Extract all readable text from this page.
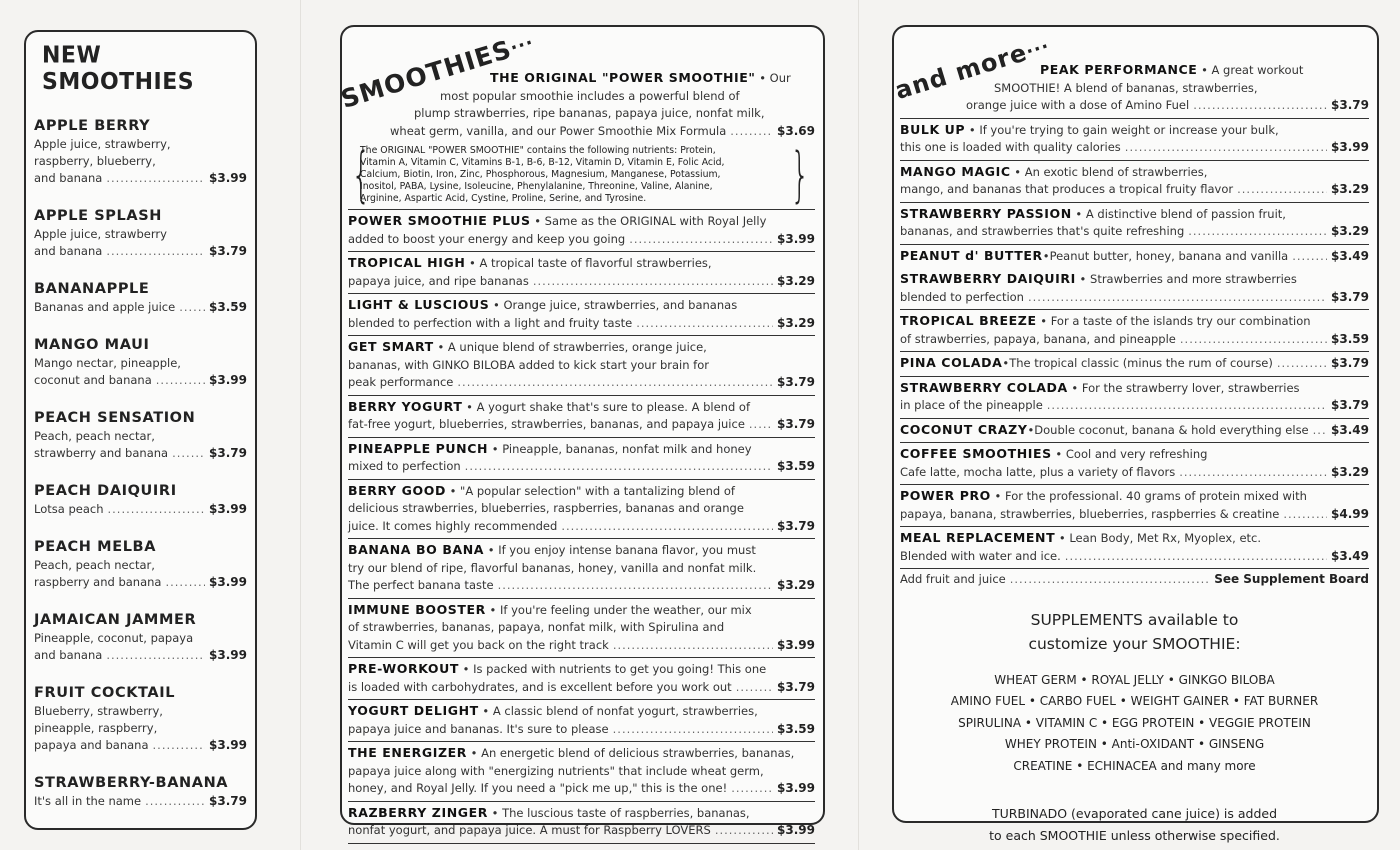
NEW SMOOTHIES
APPLE BERRY
Apple juice, strawberry,
raspberry, blueberry,
and banana .....	$3.99
APPLE SPLASH
Apple juice, strawberry
and banana .....	$3.79
BANANAPPLE
Bananas and apple juice .....	$3.59
MANGO MAUI
Mango nectar, pineapple,
coconut and banana .....	$3.99
PEACH SENSATION
Peach, peach nectar,
strawberry and banana .....	$3.79
PEACH DAIQUIRI
Lotsa peach .....	$3.99
PEACH MELBA
Peach, peach nectar,
raspberry and banana .....	$3.99
JAMAICAN JAMMER
Pineapple, coconut, papaya
and banana .....	$3.99
FRUIT COCKTAIL
Blueberry, strawberry,
pineapple, raspberry,
papaya and banana .....	$3.99
STRAWBERRY-BANANA
It's all in the name .....	$3.79
SMOOTHIES...
THE ORIGINAL "POWER SMOOTHIE" • Our
most popular smoothie includes a powerful blend of
plump strawberries, ripe bananas, papaya juice, nonfat milk,
wheat germ, vanilla, and our Power Smoothie Mix Formula .....	$3.69
{	}
The ORIGINAL "POWER SMOOTHIE" contains the following nutrients: Protein,
Vitamin A, Vitamin C, Vitamins B-1, B-6, B-12, Vitamin D, Vitamin E, Folic Acid,
Calcium, Biotin, Iron, Zinc, Phosphorous, Magnesium, Manganese, Potassium,
Inositol, PABA, Lysine, Isoleucine, Phenylalanine, Threonine, Valine, Alanine,
Arginine, Aspartic Acid, Cystine, Proline, Serine, and Tyrosine.
POWER SMOOTHIE PLUS • Same as the ORIGINAL with Royal Jelly
added to boost your energy and keep you going .....	$3.99
TROPICAL HIGH • A tropical taste of flavorful strawberries,
papaya juice, and ripe bananas .....	$3.29
LIGHT & LUSCIOUS • Orange juice, strawberries, and bananas
blended to perfection with a light and fruity taste .....	$3.29
GET SMART • A unique blend of strawberries, orange juice,
bananas, with GINKO BILOBA added to kick start your brain for
peak performance .....	$3.79
BERRY YOGURT • A yogurt shake that's sure to please. A blend of
fat-free yogurt, blueberries, strawberries, bananas, and papaya juice .....	$3.79
PINEAPPLE PUNCH • Pineapple, bananas, nonfat milk and honey
mixed to perfection .....	$3.59
BERRY GOOD • "A popular selection" with a tantalizing blend of
delicious strawberries, blueberries, raspberries, bananas and orange
juice. It comes highly recommended .....	$3.79
BANANA BO BANA • If you enjoy intense banana flavor, you must
try our blend of ripe, flavorful bananas, honey, vanilla and nonfat milk.
The perfect banana taste .....	$3.29
IMMUNE BOOSTER • If you're feeling under the weather, our mix
of strawberries, bananas, papaya, nonfat milk, with Spirulina and
Vitamin C will get you back on the right track .....	$3.99
PRE-WORKOUT • Is packed with nutrients to get you going! This one
is loaded with carbohydrates, and is excellent before you work out .....	$3.79
YOGURT DELIGHT • A classic blend of nonfat yogurt, strawberries,
papaya juice and bananas. It's sure to please .....	$3.59
THE ENERGIZER • An energetic blend of delicious strawberries, bananas,
papaya juice along with "energizing nutrients" that include wheat germ,
honey, and Royal Jelly. If you need a "pick me up," this is the one! .....	$3.99
RAZBERRY ZINGER • The luscious taste of raspberries, bananas,
nonfat yogurt, and papaya juice. A must for Raspberry LOVERS .....	$3.99
and more...
PEAK PERFORMANCE • A great workout
SMOOTHIE! A blend of bananas, strawberries,
orange juice with a dose of Amino Fuel .....	$3.79
BULK UP • If you're trying to gain weight or increase your bulk,
this one is loaded with quality calories .....	$3.99
MANGO MAGIC • An exotic blend of strawberries,
mango, and bananas that produces a tropical fruity flavor .....	$3.29
STRAWBERRY PASSION • A distinctive blend of passion fruit,
bananas, and strawberries that's quite refreshing .....	$3.29
PEANUT d' BUTTER • Peanut butter, honey, banana and vanilla .....	$3.49
STRAWBERRY DAIQUIRI • Strawberries and more strawberries
blended to perfection .....	$3.79
TROPICAL BREEZE • For a taste of the islands try our combination
of strawberries, papaya, banana, and pineapple .....	$3.59
PINA COLADA • The tropical classic (minus the rum of course) .....	$3.79
STRAWBERRY COLADA • For the strawberry lover, strawberries
in place of the pineapple .....	$3.79
COCONUT CRAZY • Double coconut, banana & hold everything else ..... $3.49
COFFEE SMOOTHIES • Cool and very refreshing
Cafe latte, mocha latte, plus a variety of flavors .....	$3.29
POWER PRO • For the professional. 40 grams of protein mixed with
papaya, banana, strawberries, blueberries, raspberries & creatine .....	$4.99
MEAL REPLACEMENT • Lean Body, Met Rx, Myoplex, etc.
Blended with water and ice. .....	$3.49
Add fruit and juice .....	See Supplement Board
SUPPLEMENTS available to
customize your SMOOTHIE:
WHEAT GERM • ROYAL JELLY • GINKGO BILOBA
AMINO FUEL • CARBO FUEL • WEIGHT GAINER • FAT BURNER
SPIRULINA • VITAMIN C • EGG PROTEIN • VEGGIE PROTEIN
WHEY PROTEIN • Anti-OXIDANT • GINSENG
CREATINE • ECHINACEA and many more
TURBINADO (evaporated cane juice) is added
to each SMOOTHIE unless otherwise specified.
